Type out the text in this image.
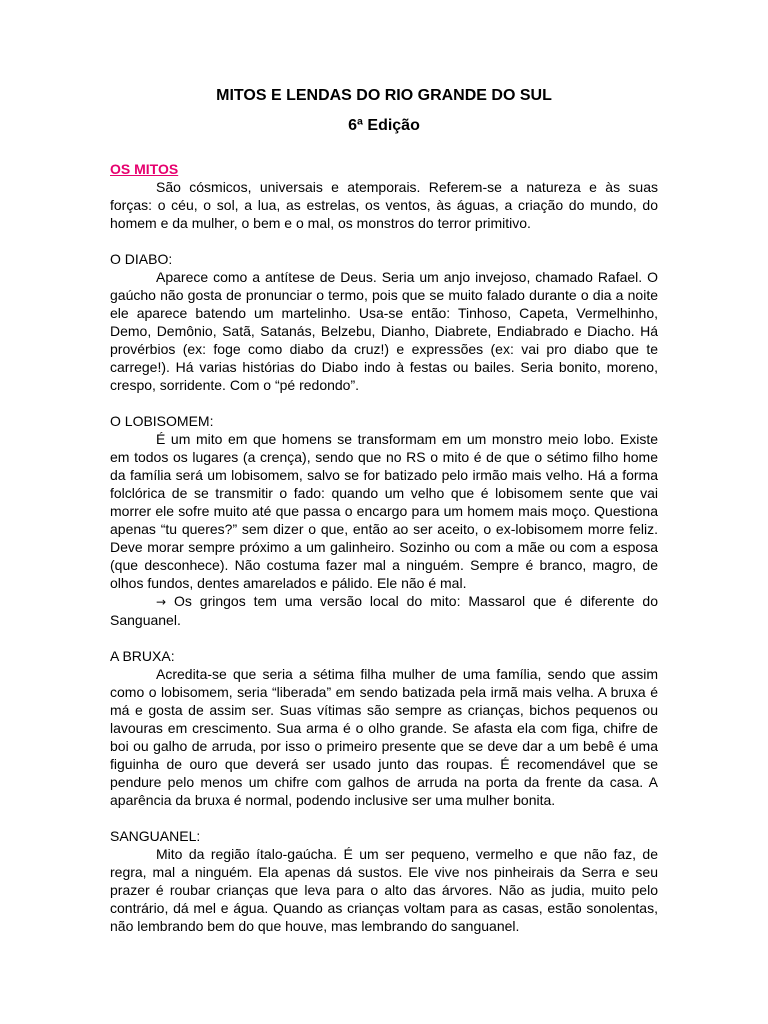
MITOS E LENDAS DO RIO GRANDE DO SUL

6ª Edição

OS MITOS

São cósmicos, universais e atemporais. Referem-se a natureza e às suas forças: o céu, o sol, a lua, as estrelas, os ventos, às águas, a criação do mundo, do homem e da mulher, o bem e o mal, os monstros do terror primitivo.

O DIABO:

Aparece como a antítese de Deus. Seria um anjo invejoso, chamado Rafael. O gaúcho não gosta de pronunciar o termo, pois que se muito falado durante o dia a noite ele aparece batendo um martelinho. Usa-se então: Tinhoso, Capeta, Vermelhinho, Demo, Demônio, Satã, Satanás, Belzebu, Dianho, Diabrete, Endiabrado e Diacho. Há provérbios (ex: foge como diabo da cruz!) e expressões (ex: vai pro diabo que te carrege!). Há varias histórias do Diabo indo à festas ou bailes. Seria bonito, moreno, crespo, sorridente. Com o “pé redondo”.

O LOBISOMEM:

É um mito em que homens se transformam em um monstro meio lobo. Existe em todos os lugares (a crença), sendo que no RS o mito é de que o sétimo filho home da família será um lobisomem, salvo se for batizado pelo irmão mais velho. Há a forma folclórica de se transmitir o fado: quando um velho que é lobisomem sente que vai morrer ele sofre muito até que passa o encargo para um homem mais moço. Questiona apenas “tu queres?” sem dizer o que, então ao ser aceito, o ex-lobisomem morre feliz. Deve morar sempre próximo a um galinheiro. Sozinho ou com a mãe ou com a esposa (que desconhece). Não costuma fazer mal a ninguém. Sempre é branco, magro, de olhos fundos, dentes amarelados e pálido. Ele não é mal.

→ Os gringos tem uma versão local do mito: Massarol que é diferente do Sanguanel.

A BRUXA:

Acredita-se que seria a sétima filha mulher de uma família, sendo que assim como o lobisomem, seria “liberada” em sendo batizada pela irmã mais velha. A bruxa é má e gosta de assim ser. Suas vítimas são sempre as crianças, bichos pequenos ou lavouras em crescimento. Sua arma é o olho grande. Se afasta ela com figa, chifre de boi ou galho de arruda, por isso o primeiro presente que se deve dar a um bebê é uma figuinha de ouro que deverá ser usado junto das roupas. É recomendável que se pendure pelo menos um chifre com galhos de arruda na porta da frente da casa. A aparência da bruxa é normal, podendo inclusive ser uma mulher bonita.

SANGUANEL:

Mito da região ítalo-gaúcha. É um ser pequeno, vermelho e que não faz, de regra, mal a ninguém. Ela apenas dá sustos. Ele vive nos pinheirais da Serra e seu prazer é roubar crianças que leva para o alto das árvores. Não as judia, muito pelo contrário, dá mel e água. Quando as crianças voltam para as casas, estão sonolentas, não lembrando bem do que houve, mas lembrando do sanguanel.
